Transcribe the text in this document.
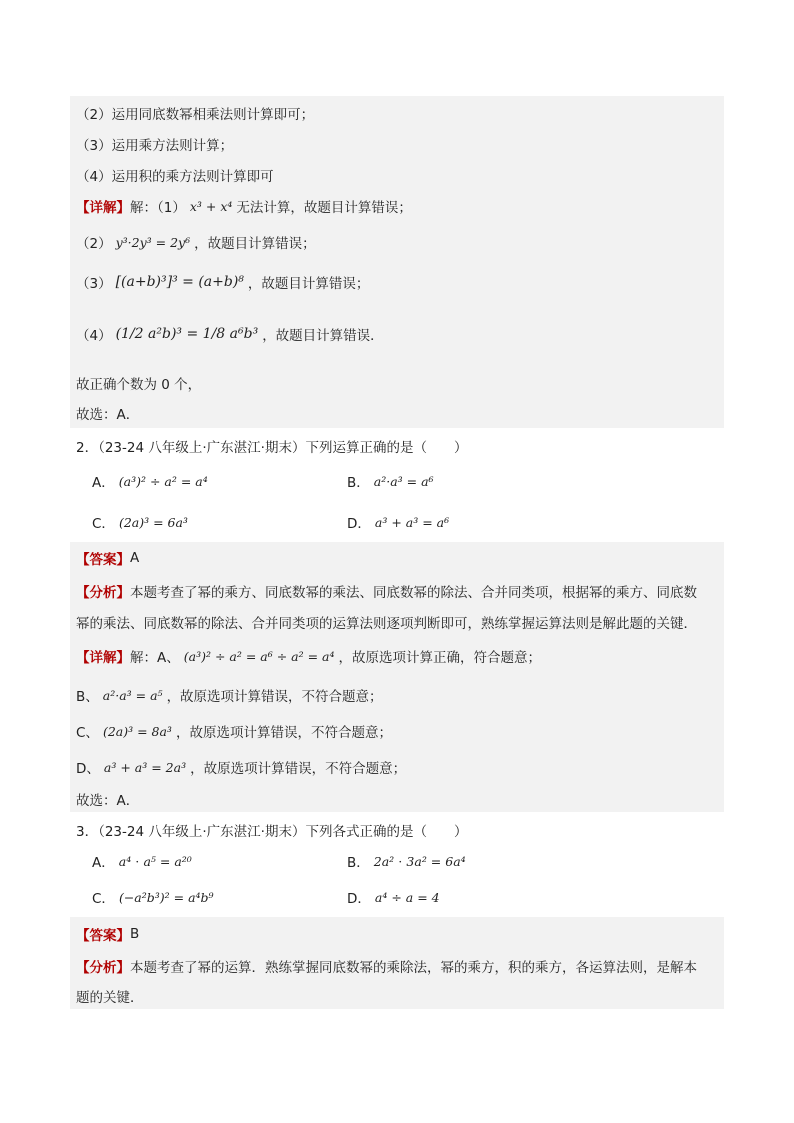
（2）运用同底数幂相乘法则计算即可；
（3）运用乘方法则计算；
（4）运用积的乘方法则计算即可
【详解】 解：（1） x³ + x⁴ 无法计算，故题目计算错误；
（2） y³·2y³ = 2y⁶ ，故题目计算错误；
（3） [(a+b)³]³ = (a+b)⁸ ，故题目计算错误；
（4） (1/2 a²b)³ = 1/8 a⁶b³ ，故题目计算错误．
故正确个数为 0 个，
故选：A．
2．（23-24 八年级上·广东湛江·期末）下列运算正确的是（　　）
A． (a³)² ÷ a² = a⁴	B． a²·a³ = a⁶
C． (2a)³ = 6a³	D． a³ + a³ = a⁶
【答案】 A
【分析】 本题考查了幂的乘方、同底数幂的乘法、同底数幂的除法、合并同类项，根据幂的乘方、同底数
幂的乘法、同底数幂的除法、合并同类项的运算法则逐项判断即可，熟练掌握运算法则是解此题的关键．
【详解】 解：A、 (a³)² ÷ a² = a⁶ ÷ a² = a⁴ ，故原选项计算正确，符合题意；
B、 a²·a³ = a⁵ ，故原选项计算错误，不符合题意；
C、 (2a)³ = 8a³ ，故原选项计算错误，不符合题意；
D、 a³ + a³ = 2a³ ，故原选项计算错误，不符合题意；
故选：A．
3．（23-24 八年级上·广东湛江·期末）下列各式正确的是（　　）
A． a⁴ ⋅ a⁵ = a²⁰	B． 2a² ⋅ 3a² = 6a⁴
C． (−a²b³)² = a⁴b⁹	D． a⁴ ÷ a = 4
【答案】 B
【分析】 本题考查了幂的运算．熟练掌握同底数幂的乘除法，幂的乘方，积的乘方，各运算法则，是解本
题的关键．
